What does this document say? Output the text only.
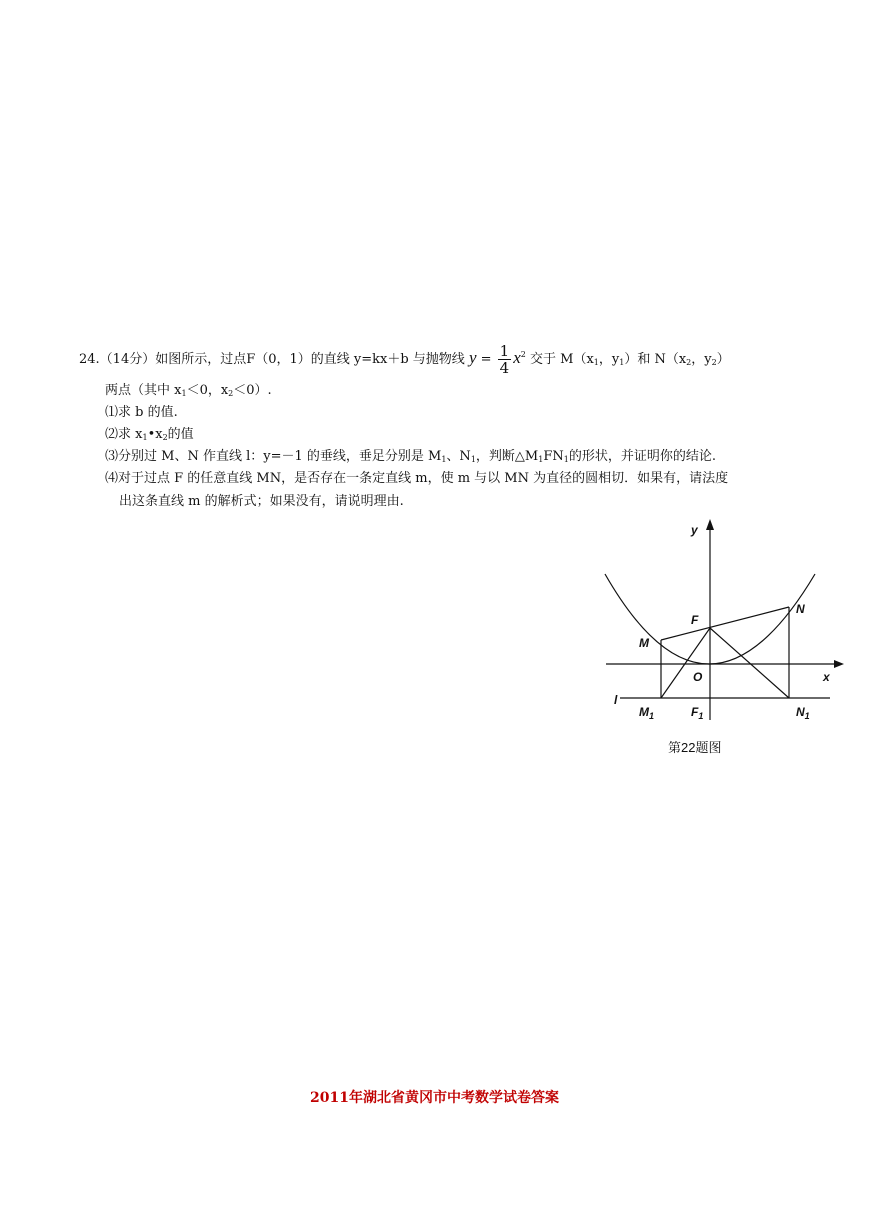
24.（14分）如图所示，过点F（0，1）的直线 y=kx＋b 与抛物线 $y = \frac{1}{4} x^2$ 交于 $M(x_1$，$y_1$）和 $N(x_2$，$y_2$）
两点（其中 $x_1<0$，$x_2<0$）.
⑴求 b 的值.
⑵求 $x_1•x_2$的值
⑶分别过 M、N 作直线 l：y=－1 的垂线，垂足分别是 $M_1$、$N_1$，判断$\triangle M_1FN_1$的形状，并证明你的结论.
⑷对于过点 F 的任意直线 MN，是否存在一条定直线 m，使 m 与以 MN 为直径的圆相切．如果有，请法度
出这条直线 m 的解析式；如果没有，请说明理由.
y
x
F
M
N
O
l
$M_1$	$F_1$	$N_1$
第22题图
2011年湖北省黄冈市中考数学试卷答案
